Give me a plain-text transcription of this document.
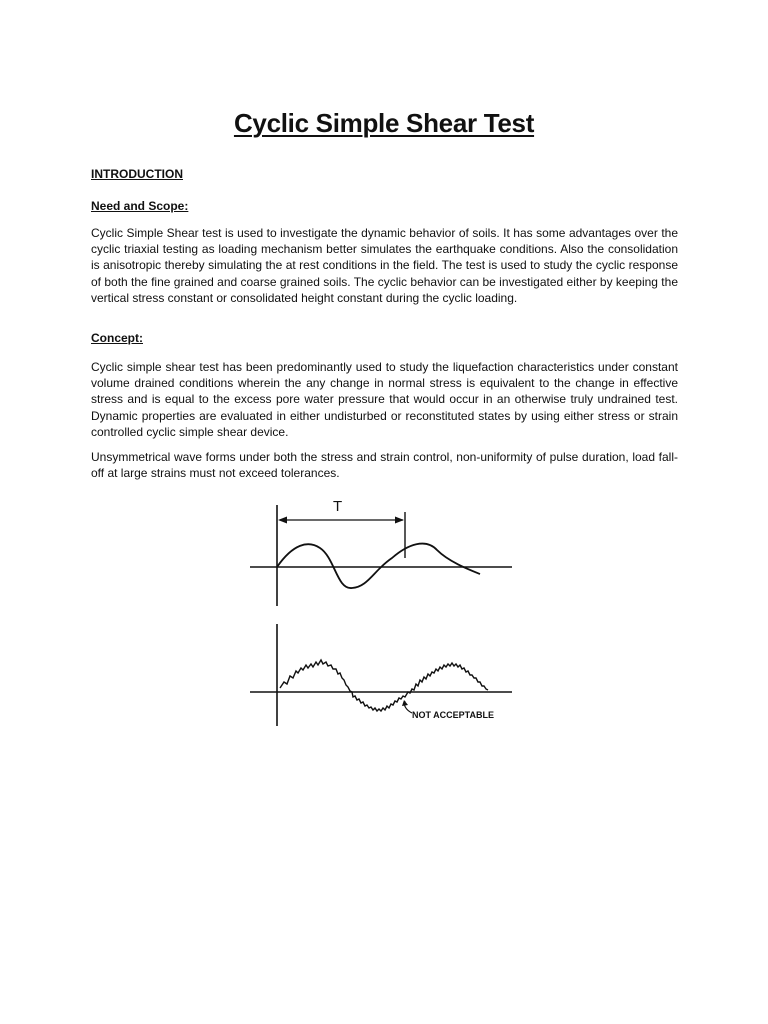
Cyclic Simple Shear Test
INTRODUCTION
Need and Scope:
Cyclic Simple Shear test is used to investigate the dynamic behavior of soils. It has some advantages over the cyclic triaxial testing as loading mechanism better simulates the earthquake conditions. Also the consolidation is anisotropic thereby simulating the at rest conditions in the field. The test is used to study the cyclic response of both the fine grained and coarse grained soils. The cyclic behavior can be investigated either by keeping the vertical stress constant or consolidated height constant during the cyclic loading.
Concept:
Cyclic simple shear test has been predominantly used to study the liquefaction characteristics under constant volume drained conditions wherein the any change in normal stress is equivalent to the change in effective stress and is equal to the excess pore water pressure that would occur in an otherwise truly undrained test. Dynamic properties are evaluated in either undisturbed or reconstituted states by using either stress or strain controlled cyclic simple shear device.
Unsymmetrical wave forms under both the stress and strain control, non-uniformity of pulse duration, load fall-off at large strains must not exceed tolerances.
T
NOT ACCEPTABLE
